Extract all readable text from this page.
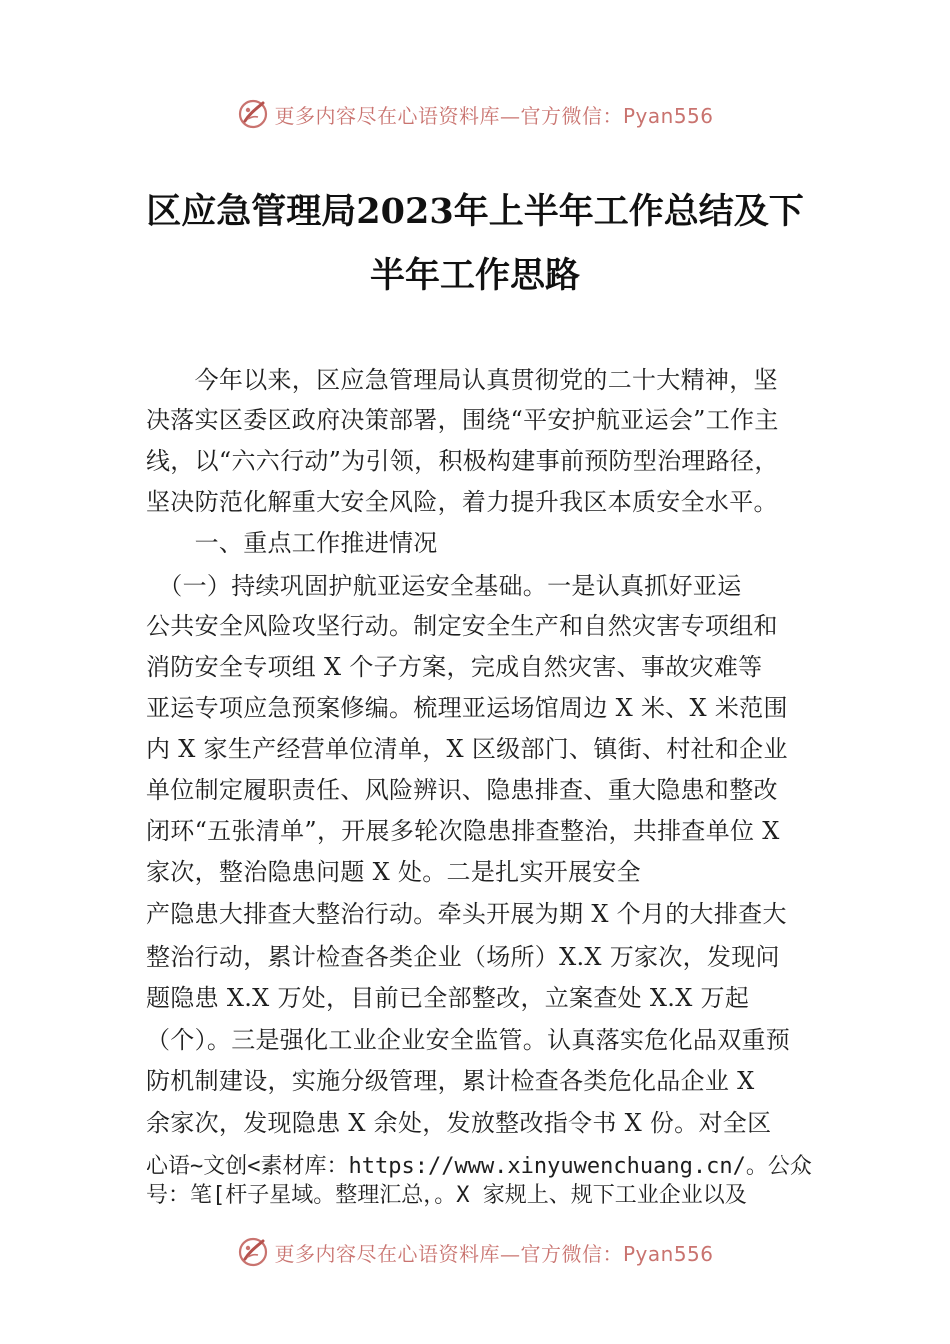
更多内容尽在心语资料库—官方微信：Pyan556
区应急管理局2023年上半年工作总结及下
半年工作思路
　　今年以来，区应急管理局认真贯彻党的二十大精神，坚
决落实区委区政府决策部署，围绕“平安护航亚运会”工作主
线，以“六六行动”为引领，积极构建事前预防型治理路径，
坚决防范化解重大安全风险，着力提升我区本质安全水平。
　　一、重点工作推进情况
　（一）持续巩固护航亚运安全基础。一是认真抓好亚运
公共安全风险攻坚行动。制定安全生产和自然灾害专项组和
消防安全专项组 X 个子方案，完成自然灾害、事故灾难等
亚运专项应急预案修编。梳理亚运场馆周边 X 米、X 米范围
内 X 家生产经营单位清单，X 区级部门、镇街、村社和企业
单位制定履职责任、风险辨识、隐患排查、重大隐患和整改
闭环“五张清单”，开展多轮次隐患排查整治，共排查单位 X
家次，整治隐患问题 X 处。二是扎实开展安全
产隐患大排查大整治行动。牵头开展为期 X 个月的大排查大
整治行动，累计检查各类企业（场所）X.X 万家次，发现问
题隐患 X.X 万处，目前已全部整改，立案查处 X.X 万起
（个）。三是强化工业企业安全监管。认真落实危化品双重预
防机制建设，实施分级管理，累计检查各类危化品企业 X
余家次，发现隐患 X 余处，发放整改指令书 X 份。对全区
心语~文创<素材库：https://www.xinyuwenchuang.cn/。公众
号：笔[杆子星域。整理汇总，。X 家规上、规下工业企业以及
更多内容尽在心语资料库—官方微信：Pyan556
